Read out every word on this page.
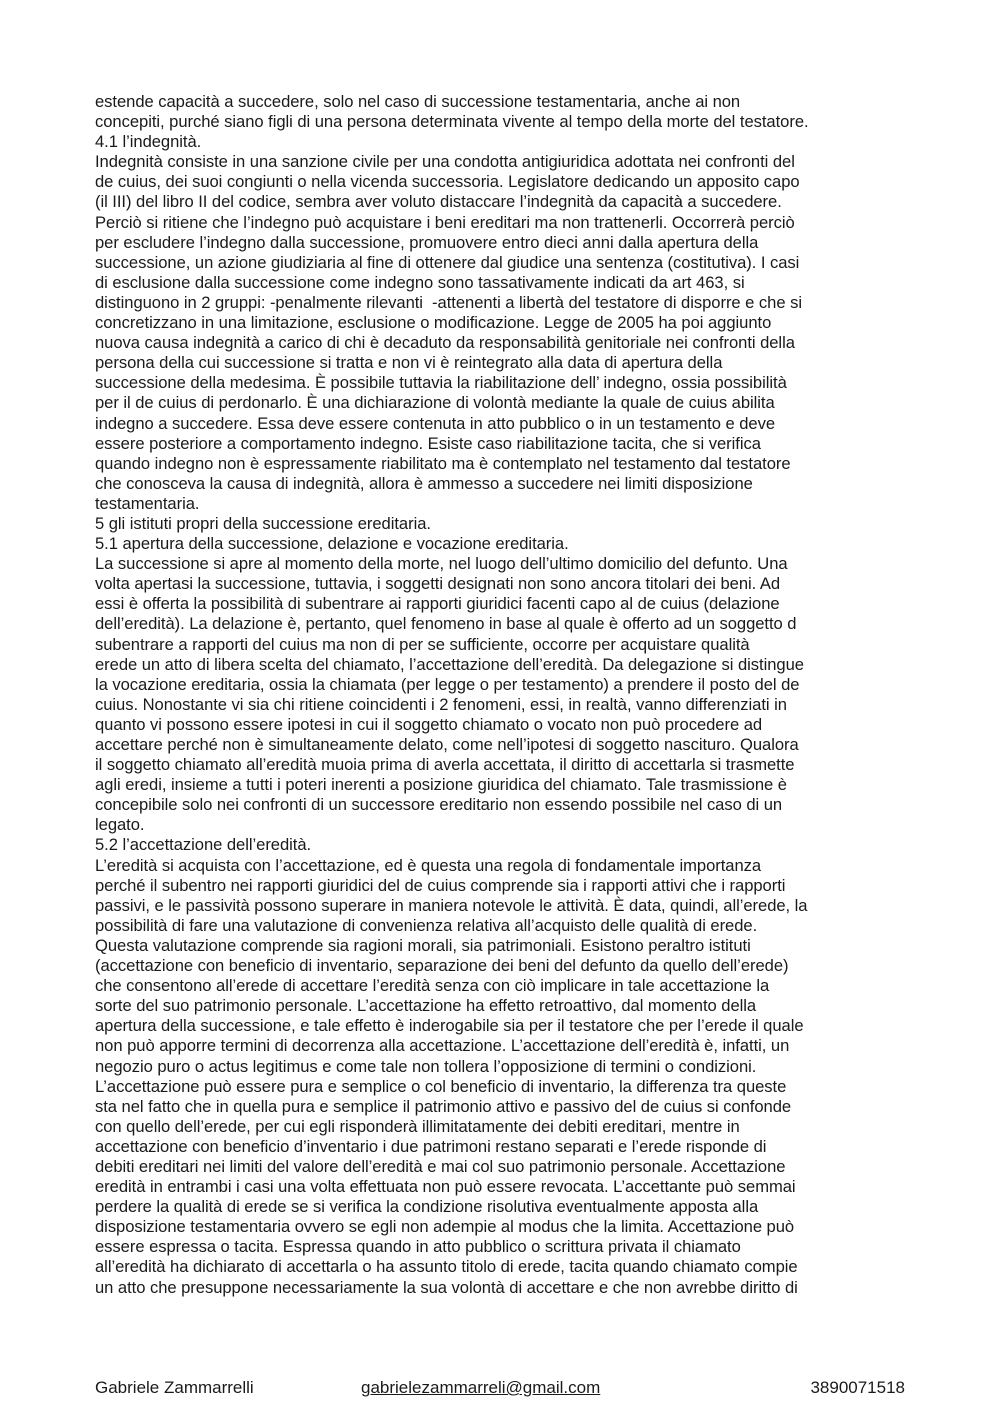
estende capacità a succedere, solo nel caso di successione testamentaria, anche ai non
concepiti, purché siano figli di una persona determinata vivente al tempo della morte del testatore.
4.1 l’indegnità.
Indegnità consiste in una sanzione civile per una condotta antigiuridica adottata nei confronti del
de cuius, dei suoi congiunti o nella vicenda successoria. Legislatore dedicando un apposito capo
(il III) del libro II del codice, sembra aver voluto distaccare l’indegnità da capacità a succedere.
Perciò si ritiene che l’indegno può acquistare i beni ereditari ma non trattenerli. Occorrerà perciò
per escludere l’indegno dalla successione, promuovere entro dieci anni dalla apertura della
successione, un azione giudiziaria al fine di ottenere dal giudice una sentenza (costitutiva). I casi
di esclusione dalla successione come indegno sono tassativamente indicati da art 463, si
distinguono in 2 gruppi: -penalmente rilevanti  -attenenti a libertà del testatore di disporre e che si
concretizzano in una limitazione, esclusione o modificazione. Legge de 2005 ha poi aggiunto
nuova causa indegnità a carico di chi è decaduto da responsabilità genitoriale nei confronti della
persona della cui successione si tratta e non vi è reintegrato alla data di apertura della
successione della medesima. È possibile tuttavia la riabilitazione dell’ indegno, ossia possibilità
per il de cuius di perdonarlo. È una dichiarazione di volontà mediante la quale de cuius abilita
indegno a succedere. Essa deve essere contenuta in atto pubblico o in un testamento e deve
essere posteriore a comportamento indegno. Esiste caso riabilitazione tacita, che si verifica
quando indegno non è espressamente riabilitato ma è contemplato nel testamento dal testatore
che conosceva la causa di indegnità, allora è ammesso a succedere nei limiti disposizione
testamentaria.
5 gli istituti propri della successione ereditaria.
5.1 apertura della successione, delazione e vocazione ereditaria.
La successione si apre al momento della morte, nel luogo dell’ultimo domicilio del defunto. Una
volta apertasi la successione, tuttavia, i soggetti designati non sono ancora titolari dei beni. Ad
essi è offerta la possibilità di subentrare ai rapporti giuridici facenti capo al de cuius (delazione
dell’eredità). La delazione è, pertanto, quel fenomeno in base al quale è offerto ad un soggetto d
subentrare a rapporti del cuius ma non di per se sufficiente, occorre per acquistare qualità
erede un atto di libera scelta del chiamato, l’accettazione dell’eredità. Da delegazione si distingue
la vocazione ereditaria, ossia la chiamata (per legge o per testamento) a prendere il posto del de
cuius. Nonostante vi sia chi ritiene coincidenti i 2 fenomeni, essi, in realtà, vanno differenziati in
quanto vi possono essere ipotesi in cui il soggetto chiamato o vocato non può procedere ad
accettare perché non è simultaneamente delato, come nell’ipotesi di soggetto nascituro. Qualora
il soggetto chiamato all’eredità muoia prima di averla accettata, il diritto di accettarla si trasmette
agli eredi, insieme a tutti i poteri inerenti a posizione giuridica del chiamato. Tale trasmissione è
concepibile solo nei confronti di un successore ereditario non essendo possibile nel caso di un
legato.
5.2 l’accettazione dell’eredità.
L’eredità si acquista con l’accettazione, ed è questa una regola di fondamentale importanza
perché il subentro nei rapporti giuridici del de cuius comprende sia i rapporti attivi che i rapporti
passivi, e le passività possono superare in maniera notevole le attività. È data, quindi, all’erede, la
possibilità di fare una valutazione di convenienza relativa all’acquisto delle qualità di erede.
Questa valutazione comprende sia ragioni morali, sia patrimoniali. Esistono peraltro istituti
(accettazione con beneficio di inventario, separazione dei beni del defunto da quello dell’erede)
che consentono all’erede di accettare l’eredità senza con ciò implicare in tale accettazione la
sorte del suo patrimonio personale. L’accettazione ha effetto retroattivo, dal momento della
apertura della successione, e tale effetto è inderogabile sia per il testatore che per l’erede il quale
non può apporre termini di decorrenza alla accettazione. L’accettazione dell’eredità è, infatti, un
negozio puro o actus legitimus e come tale non tollera l’opposizione di termini o condizioni.
L’accettazione può essere pura e semplice o col beneficio di inventario, la differenza tra queste
sta nel fatto che in quella pura e semplice il patrimonio attivo e passivo del de cuius si confonde
con quello dell’erede, per cui egli risponderà illimitatamente dei debiti ereditari, mentre in
accettazione con beneficio d’inventario i due patrimoni restano separati e l’erede risponde di
debiti ereditari nei limiti del valore dell’eredità e mai col suo patrimonio personale. Accettazione
eredità in entrambi i casi una volta effettuata non può essere revocata. L’accettante può semmai
perdere la qualità di erede se si verifica la condizione risolutiva eventualmente apposta alla
disposizione testamentaria ovvero se egli non adempie al modus che la limita. Accettazione può
essere espressa o tacita. Espressa quando in atto pubblico o scrittura privata il chiamato
all’eredità ha dichiarato di accettarla o ha assunto titolo di erede, tacita quando chiamato compie
un atto che presuppone necessariamente la sua volontà di accettare e che non avrebbe diritto di
Gabriele Zammarrelli	gabrielezammarreli@gmail.com	3890071518
